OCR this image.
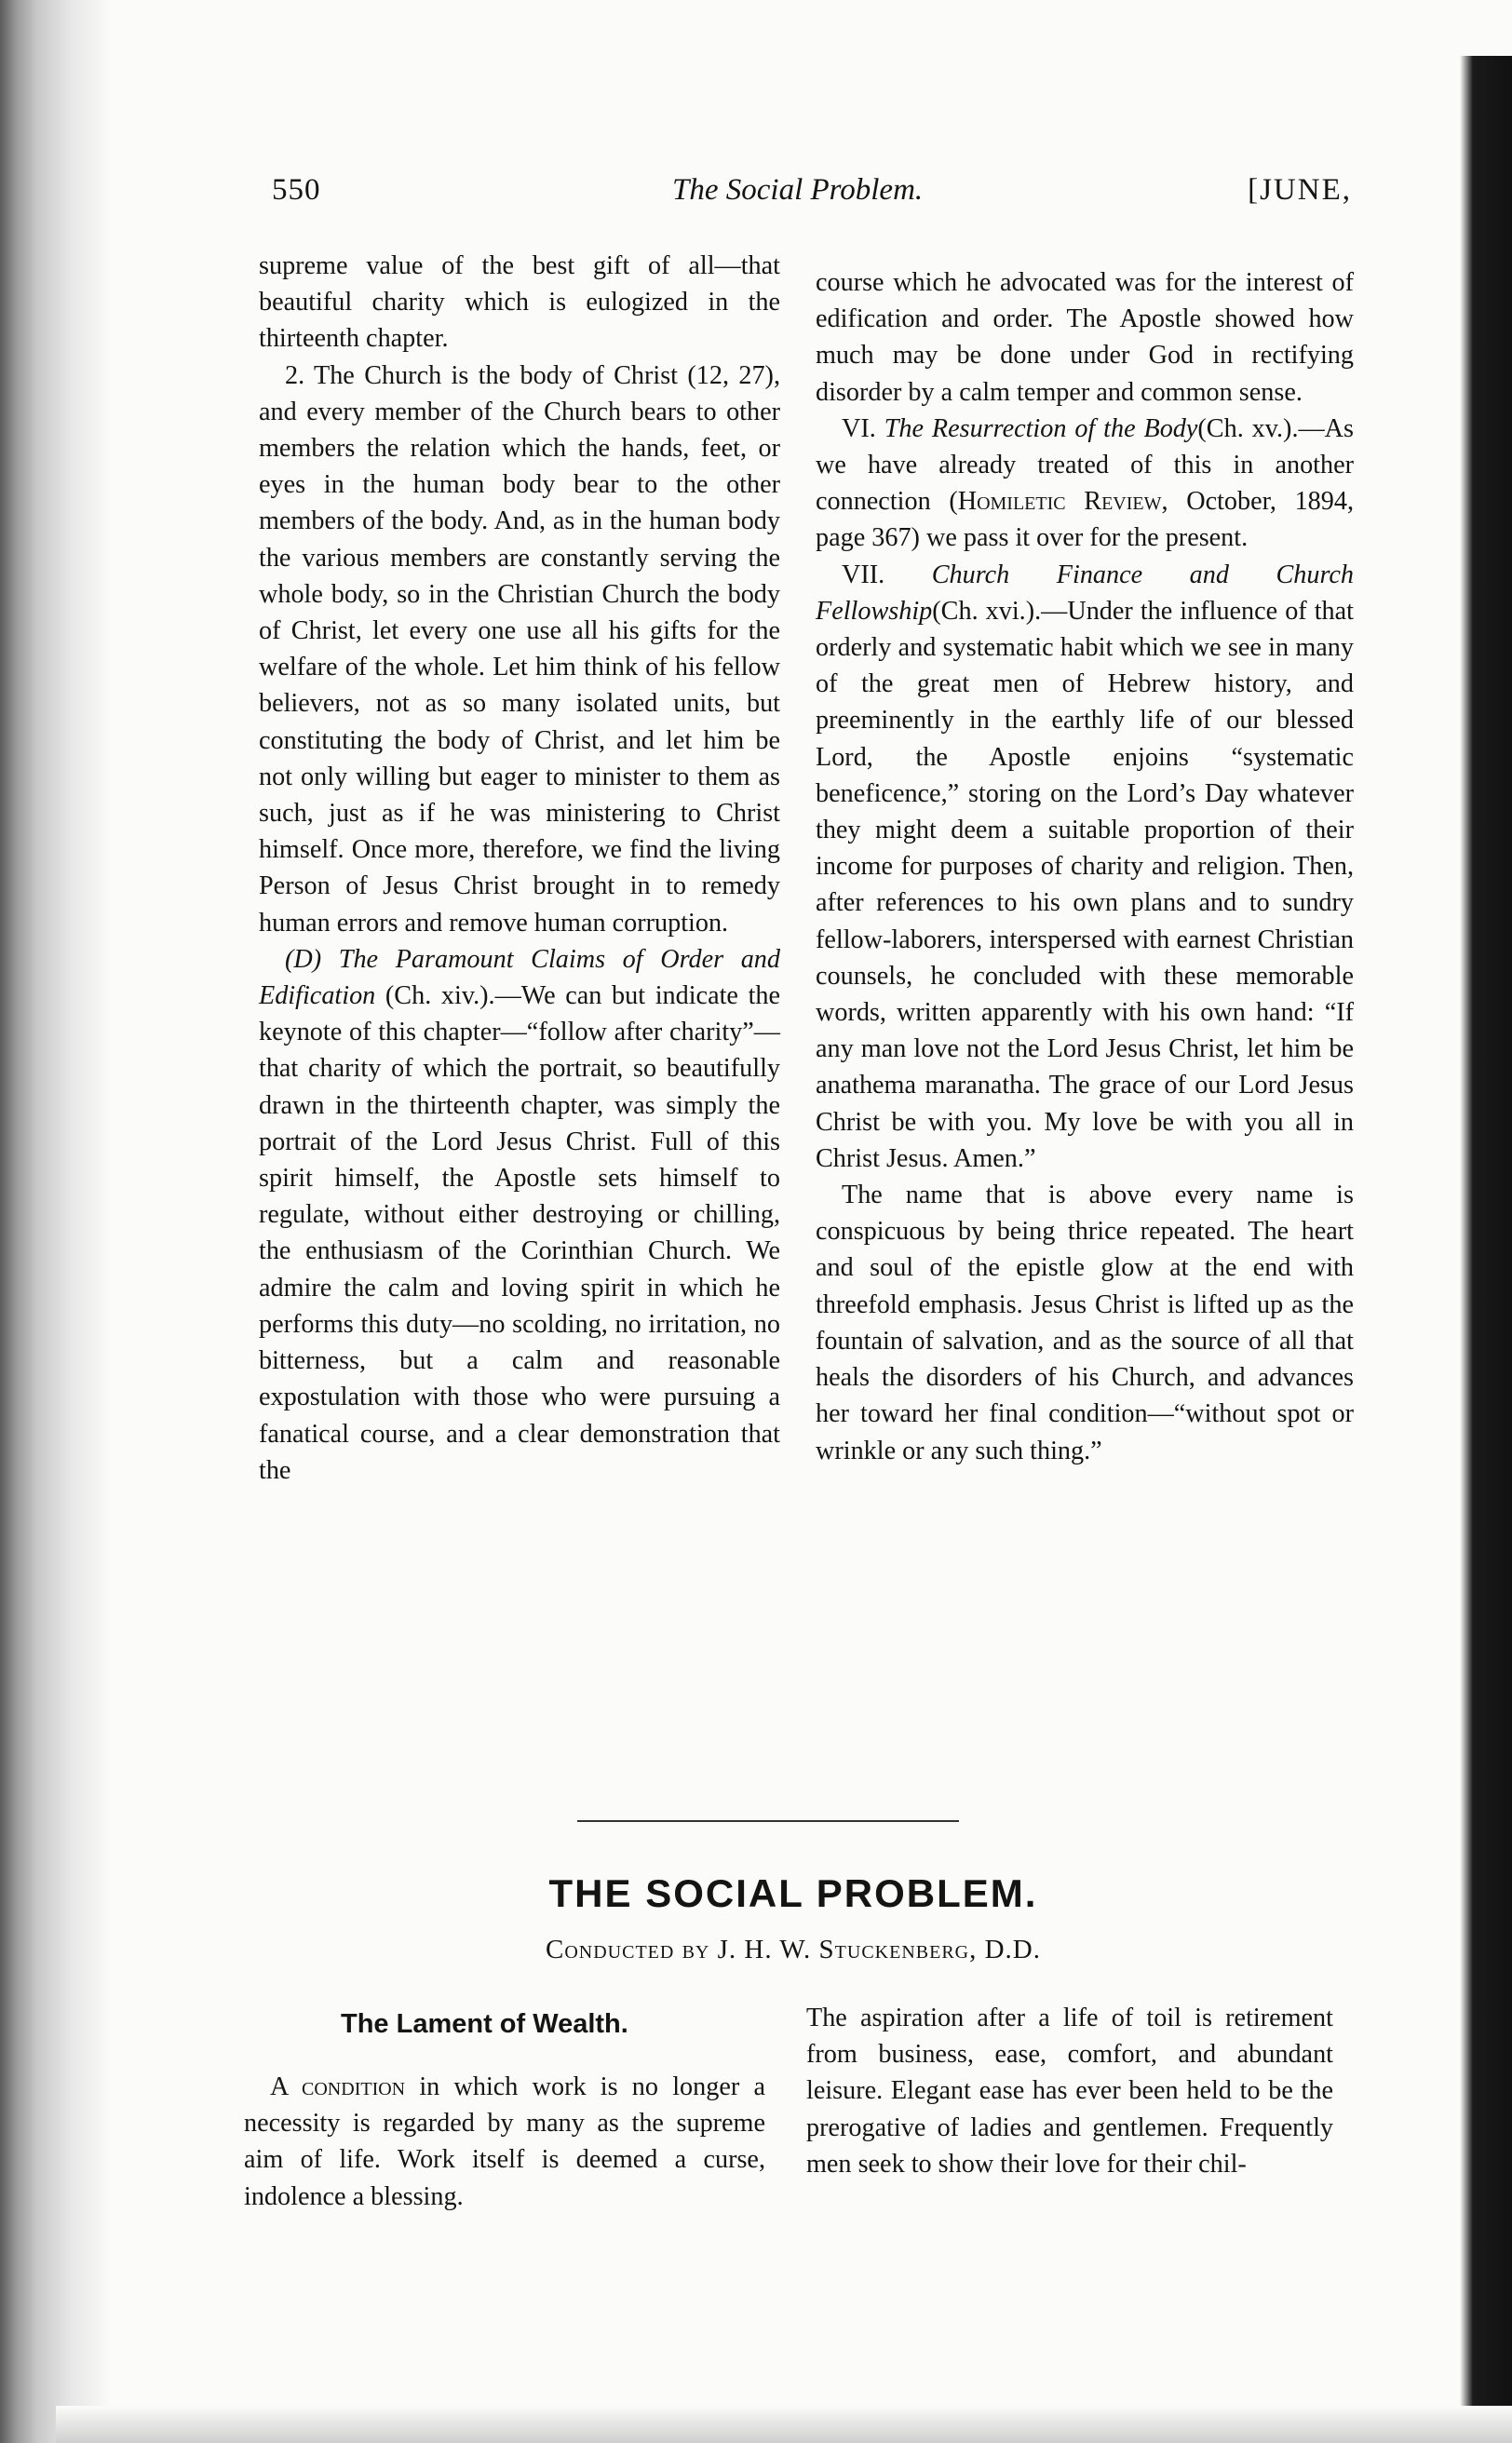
550	The Social Problem.	[JUNE,

supreme value of the best gift of all—that beautiful charity which is eulogized in the thirteenth chapter.

2. The Church is the body of Christ (12, 27), and every member of the Church bears to other members the relation which the hands, feet, or eyes in the human body bear to the other members of the body. And, as in the human body the various members are constantly serving the whole body, so in the Christian Church the body of Christ, let every one use all his gifts for the welfare of the whole. Let him think of his fellow believers, not as so many isolated units, but constituting the body of Christ, and let him be not only willing but eager to minister to them as such, just as if he was ministering to Christ himself. Once more, therefore, we find the living Person of Jesus Christ brought in to remedy human errors and remove human corruption.

(D) The Paramount Claims of Order and Edification (Ch. xiv.).—We can but indicate the keynote of this chapter—“follow after charity”—that charity of which the portrait, so beautifully drawn in the thirteenth chapter, was simply the portrait of the Lord Jesus Christ. Full of this spirit himself, the Apostle sets himself to regulate, without either destroying or chilling, the enthusiasm of the Corinthian Church. We admire the calm and loving spirit in which he performs this duty—no scolding, no irritation, no bitterness, but a calm and reasonable expostulation with those who were pursuing a fanatical course, and a clear demonstration that the

course which he advocated was for the interest of edification and order. The Apostle showed how much may be done under God in rectifying disorder by a calm temper and common sense.

VI. The Resurrection of the Body(Ch. xv.).—As we have already treated of this in another connection (Homiletic Review, October, 1894, page 367) we pass it over for the present.

VII. Church Finance and Church Fellowship(Ch. xvi.).—Under the influence of that orderly and systematic habit which we see in many of the great men of Hebrew history, and preeminently in the earthly life of our blessed Lord, the Apostle enjoins “systematic beneficence,” storing on the Lord’s Day whatever they might deem a suitable proportion of their income for purposes of charity and religion. Then, after references to his own plans and to sundry fellow-laborers, interspersed with earnest Christian counsels, he concluded with these memorable words, written apparently with his own hand: “If any man love not the Lord Jesus Christ, let him be anathema maranatha. The grace of our Lord Jesus Christ be with you. My love be with you all in Christ Jesus. Amen.”

The name that is above every name is conspicuous by being thrice repeated. The heart and soul of the epistle glow at the end with threefold emphasis. Jesus Christ is lifted up as the fountain of salvation, and as the source of all that heals the disorders of his Church, and advances her toward her final condition—“without spot or wrinkle or any such thing.”

THE SOCIAL PROBLEM.
Conducted by J. H. W. Stuckenberg, D.D.
The Lament of Wealth.

A condition in which work is no longer a necessity is regarded by many as the supreme aim of life. Work itself is deemed a curse, indolence a blessing.

The aspiration after a life of toil is retirement from business, ease, comfort, and abundant leisure. Elegant ease has ever been held to be the prerogative of ladies and gentlemen. Frequently men seek to show their love for their chil-
